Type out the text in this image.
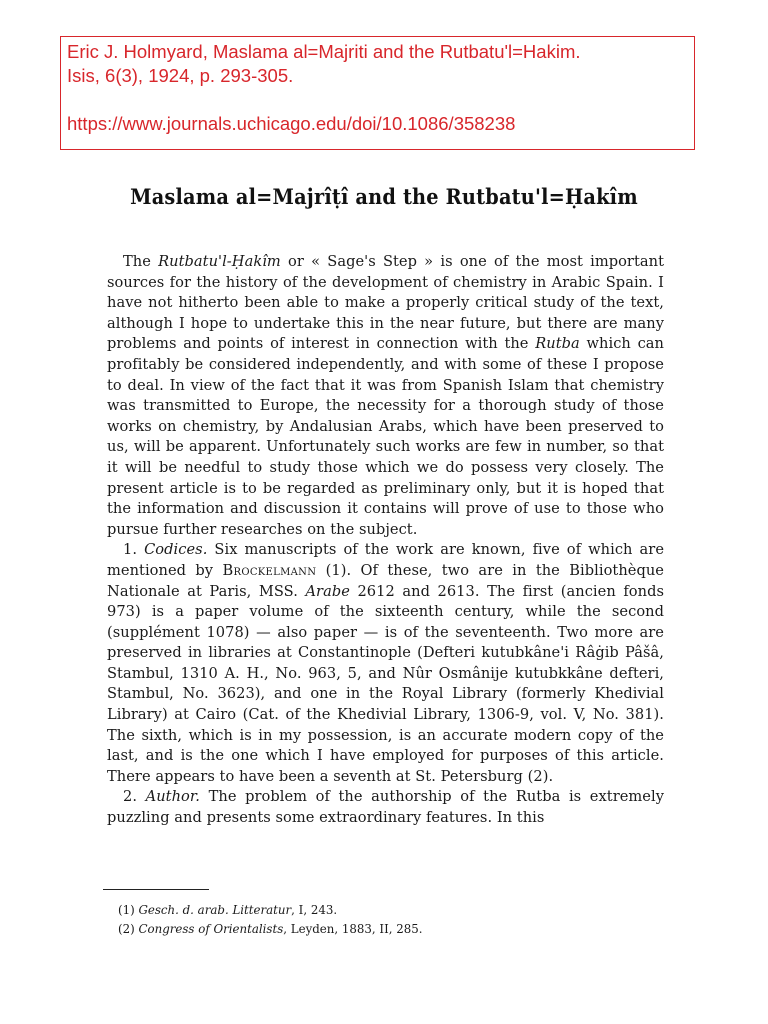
Eric J. Holmyard, Maslama al=Majriti and the Rutbatu'l=Hakim.
Isis, 6(3), 1924, p. 293-305.
https://www.journals.uchicago.edu/doi/10.1086/358238
Maslama al=Majrîṭî and the Rutbatu'l=Ḥakîm

The Rutbatu'l-Ḥakîm or « Sage's Step » is one of the most important sources for the history of the development of chemistry in Arabic Spain. I have not hitherto been able to make a properly critical study of the text, although I hope to undertake this in the near future, but there are many problems and points of interest in connection with the Rutba which can profitably be considered independently, and with some of these I propose to deal. In view of the fact that it was from Spanish Islam that chemistry was transmitted to Europe, the necessity for a thorough study of those works on chemistry, by Andalusian Arabs, which have been preserved to us, will be apparent. Unfortunately such works are few in number, so that it will be needful to study those which we do possess very closely. The present article is to be regarded as preliminary only, but it is hoped that the information and discussion it contains will prove of use to those who pursue further researches on the subject.

1. Codices. Six manuscripts of the work are known, five of which are mentioned by Brockelmann (1). Of these, two are in the Bibliothèque Nationale at Paris, MSS. Arabe 2612 and 2613. The first (ancien fonds 973) is a paper volume of the sixteenth century, while the second (supplément 1078) — also paper — is of the seventeenth. Two more are preserved in libraries at Constantinople (Defteri kutubkâne'i Râġib Pâšâ, Stambul, 1310 A. H., No. 963, 5, and Nûr Osmânije kutubkkâne defteri, Stambul, No. 3623), and one in the Royal Library (formerly Khedivial Library) at Cairo (Cat. of the Khedivial Library, 1306-9, vol. V, No. 381). The sixth, which is in my possession, is an accurate modern copy of the last, and is the one which I have employed for purposes of this article. There appears to have been a seventh at St. Petersburg (2).

2. Author. The problem of the authorship of the Rutba is extremely puzzling and presents some extraordinary features. In this

(1) Gesch. d. arab. Litteratur, I, 243.
(2) Congress of Orientalists, Leyden, 1883, II, 285.
